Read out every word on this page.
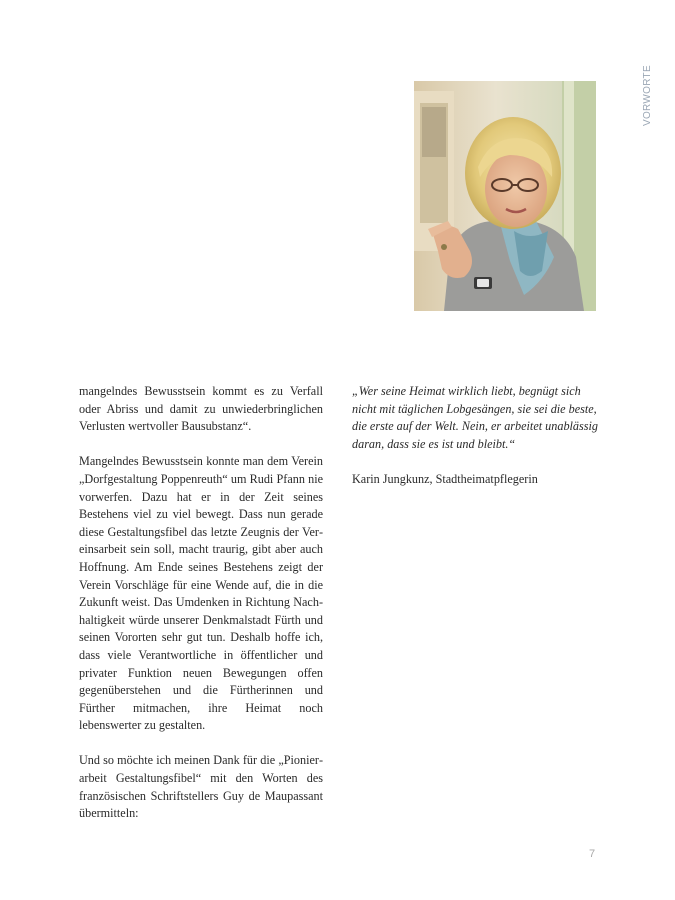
VORWORTE

mangelndes Bewusstsein kommt es zu Verfall oder Abriss und damit zu unwiederbringlichen Verlusten wertvoller Bausubstanz“.

Mangelndes Bewusstsein konnte man dem Verein „Dorfgestaltung Poppenreuth“ um Rudi Pfann nie vorwerfen. Dazu hat er in der Zeit seines Bestehens viel zu viel bewegt. Dass nun gerade diese Gestaltungsfibel das letzte Zeugnis der Vereinsarbeit sein soll, macht traurig, gibt aber auch Hoffnung. Am Ende seines Bestehens zeigt der Verein Vorschläge für eine Wende auf, die in die Zukunft weist. Das Umdenken in Richtung Nachhaltigkeit würde unserer Denkmalstadt Fürth und seinen Vororten sehr gut tun. Deshalb hoffe ich, dass viele Verantwortliche in öffentlicher und privater Funktion neuen Bewegungen offen gegenüberstehen und die Fürtherinnen und Fürther mitmachen, ihre Heimat noch lebenswerter zu gestalten.

Und so möchte ich meinen Dank für die „Pionierarbeit Gestaltungsfibel“ mit den Worten des französischen Schriftstellers Guy de Maupassant übermitteln:

„Wer seine Heimat wirklich liebt, begnügt sich nicht mit täglichen Lobgesängen, sie sei die beste, die erste auf der Welt. Nein, er arbeitet unablässig daran, dass sie es ist und bleibt.“

Karin Jungkunz, Stadtheimatpflegerin

7
